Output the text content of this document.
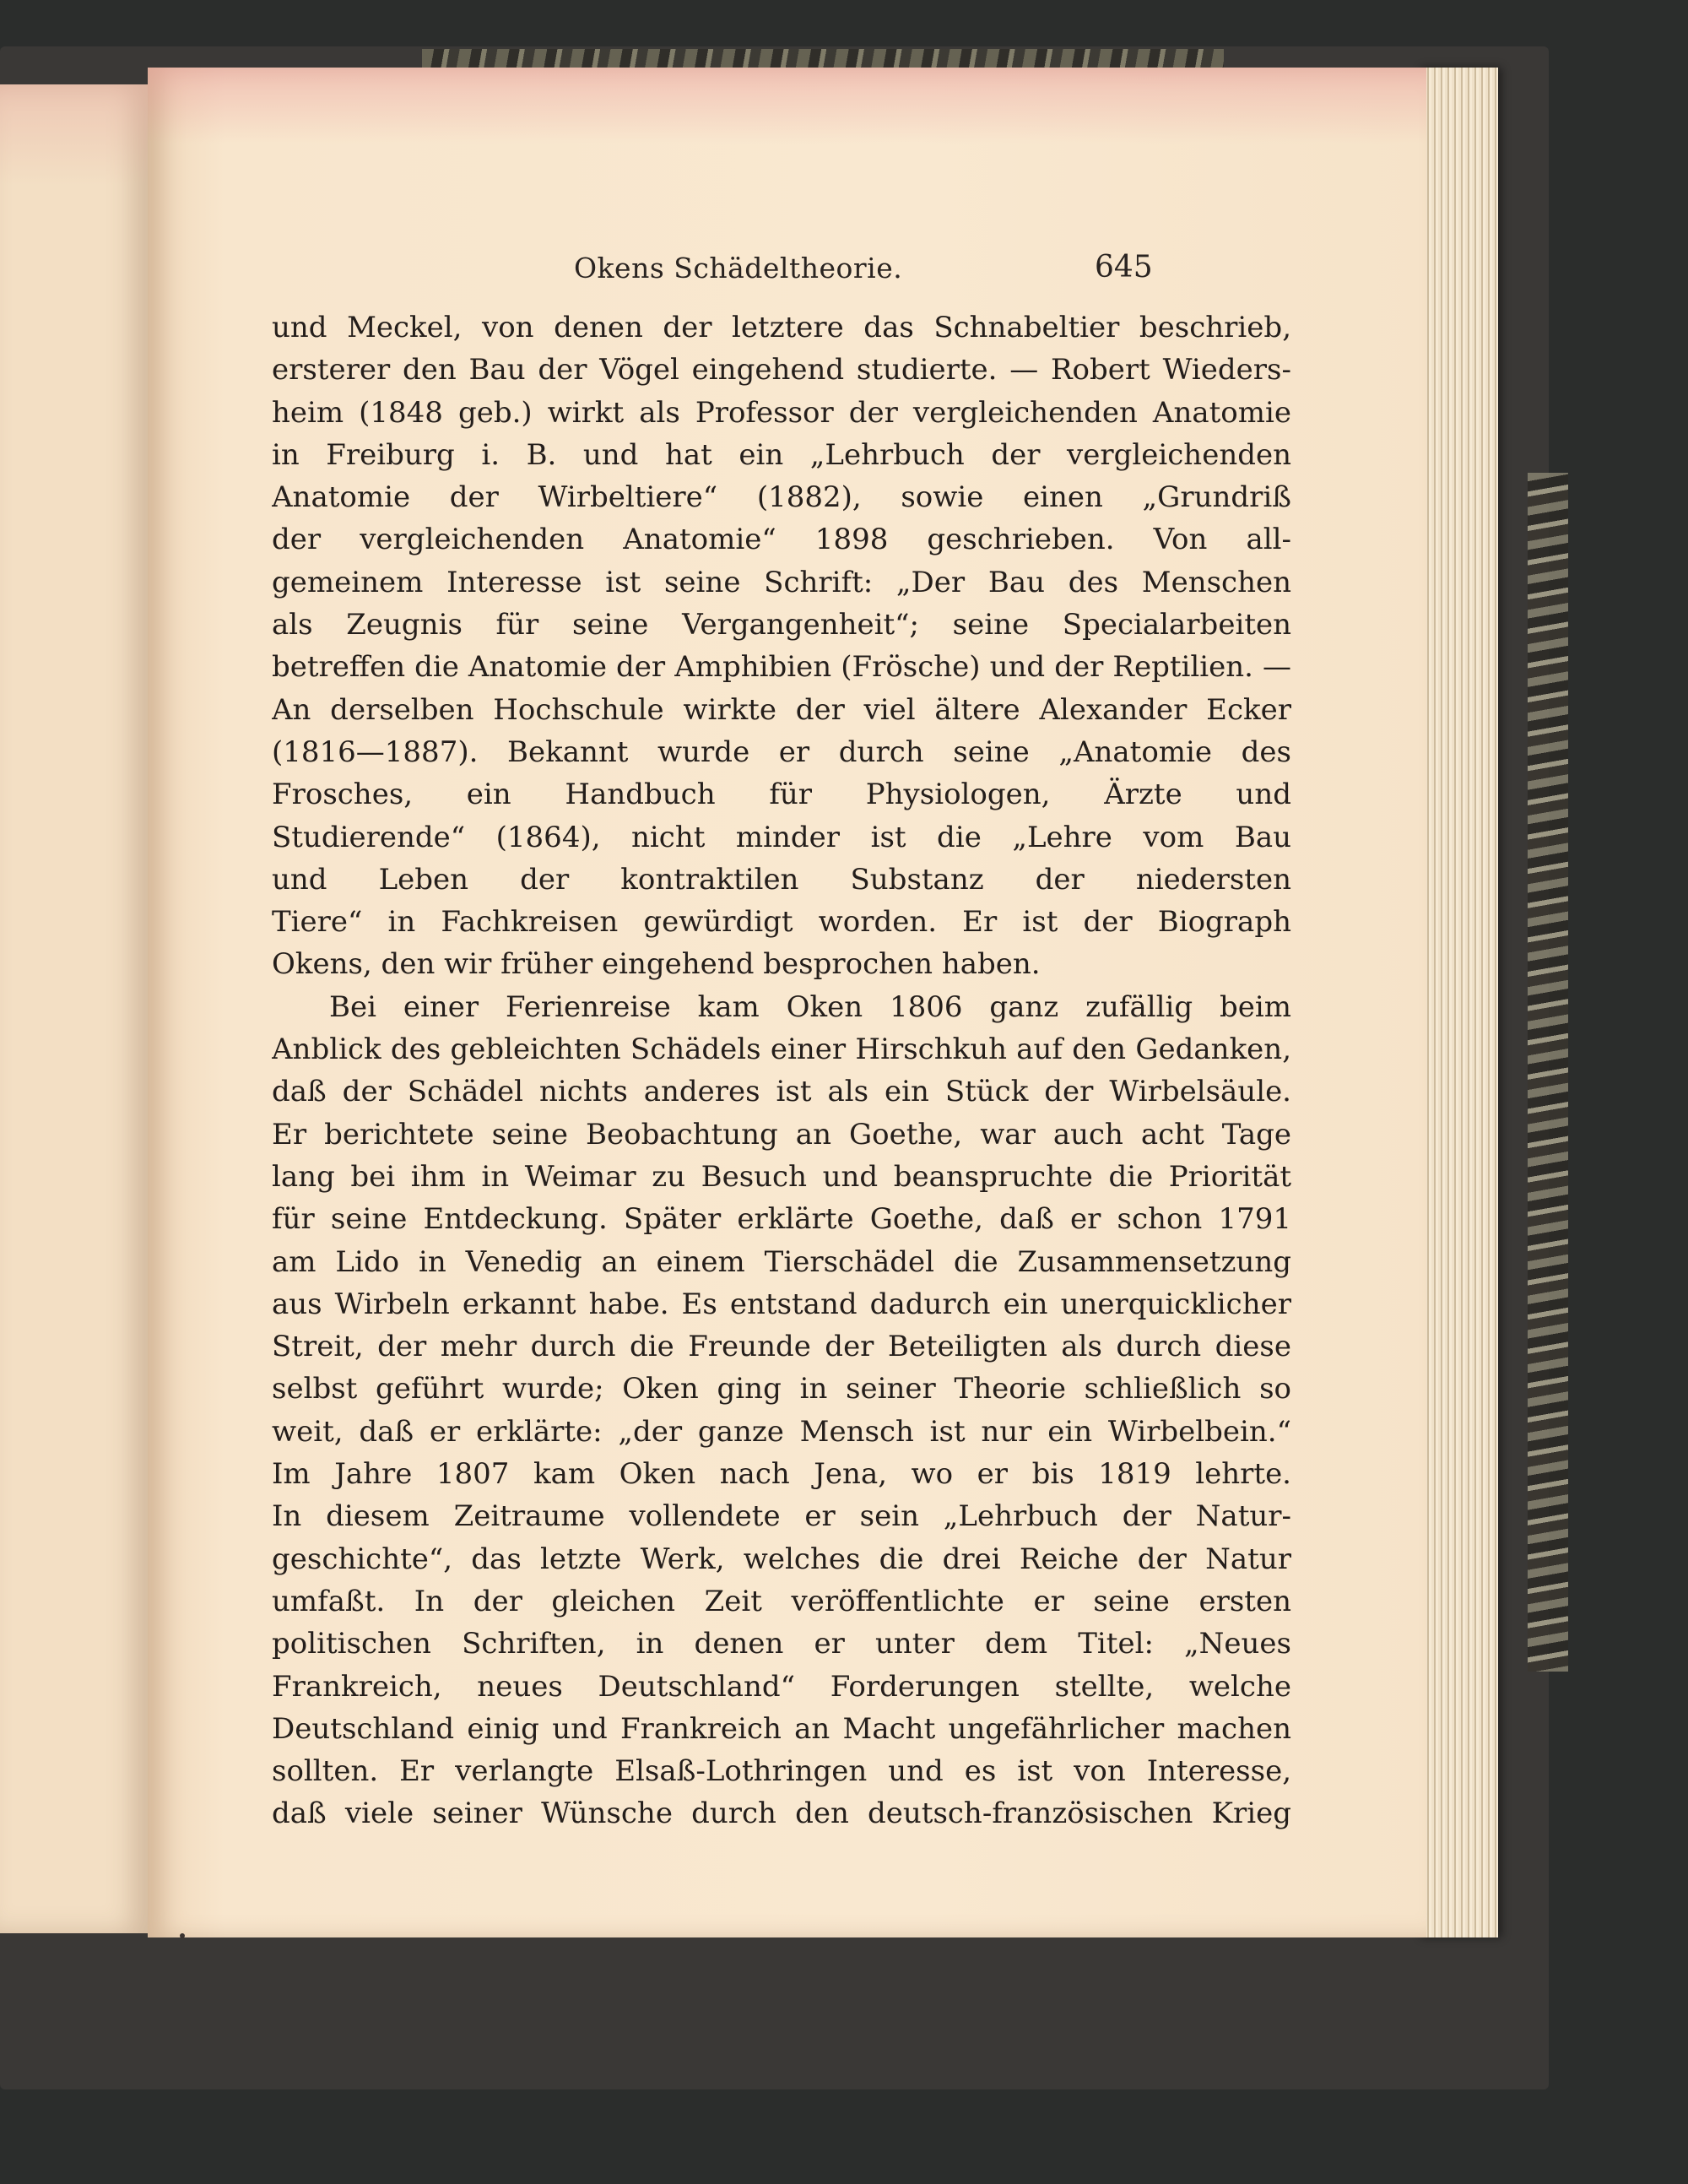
Okens Schädeltheorie.	645
und Meckel, von denen der letztere das Schnabeltier beschrieb,
ersterer den Bau der Vögel eingehend studierte. — Robert Wieders-
heim (1848 geb.) wirkt als Professor der vergleichenden Anatomie
in Freiburg i. B. und hat ein „Lehrbuch der vergleichenden
Anatomie der Wirbeltiere“ (1882), sowie einen „Grundriß
der vergleichenden Anatomie“ 1898 geschrieben. Von all-
gemeinem Interesse ist seine Schrift: „Der Bau des Menschen
als Zeugnis für seine Vergangenheit“; seine Specialarbeiten
betreffen die Anatomie der Amphibien (Frösche) und der Reptilien. —
An derselben Hochschule wirkte der viel ältere Alexander Ecker
(1816—1887). Bekannt wurde er durch seine „Anatomie des
Frosches, ein Handbuch für Physiologen, Ärzte und
Studierende“ (1864), nicht minder ist die „Lehre vom Bau
und Leben der kontraktilen Substanz der niedersten
Tiere“ in Fachkreisen gewürdigt worden. Er ist der Biograph
Okens, den wir früher eingehend besprochen haben.
Bei einer Ferienreise kam Oken 1806 ganz zufällig beim
Anblick des gebleichten Schädels einer Hirschkuh auf den Gedanken,
daß der Schädel nichts anderes ist als ein Stück der Wirbelsäule.
Er berichtete seine Beobachtung an Goethe, war auch acht Tage
lang bei ihm in Weimar zu Besuch und beanspruchte die Priorität
für seine Entdeckung. Später erklärte Goethe, daß er schon 1791
am Lido in Venedig an einem Tierschädel die Zusammensetzung
aus Wirbeln erkannt habe. Es entstand dadurch ein unerquicklicher
Streit, der mehr durch die Freunde der Beteiligten als durch diese
selbst geführt wurde; Oken ging in seiner Theorie schließlich so
weit, daß er erklärte: „der ganze Mensch ist nur ein Wirbelbein.“
Im Jahre 1807 kam Oken nach Jena, wo er bis 1819 lehrte.
In diesem Zeitraume vollendete er sein „Lehrbuch der Natur-
geschichte“, das letzte Werk, welches die drei Reiche der Natur
umfaßt. In der gleichen Zeit veröffentlichte er seine ersten
politischen Schriften, in denen er unter dem Titel: „Neues
Frankreich, neues Deutschland“ Forderungen stellte, welche
Deutschland einig und Frankreich an Macht ungefährlicher machen
sollten. Er verlangte Elsaß-Lothringen und es ist von Interesse,
daß viele seiner Wünsche durch den deutsch-französischen Krieg
